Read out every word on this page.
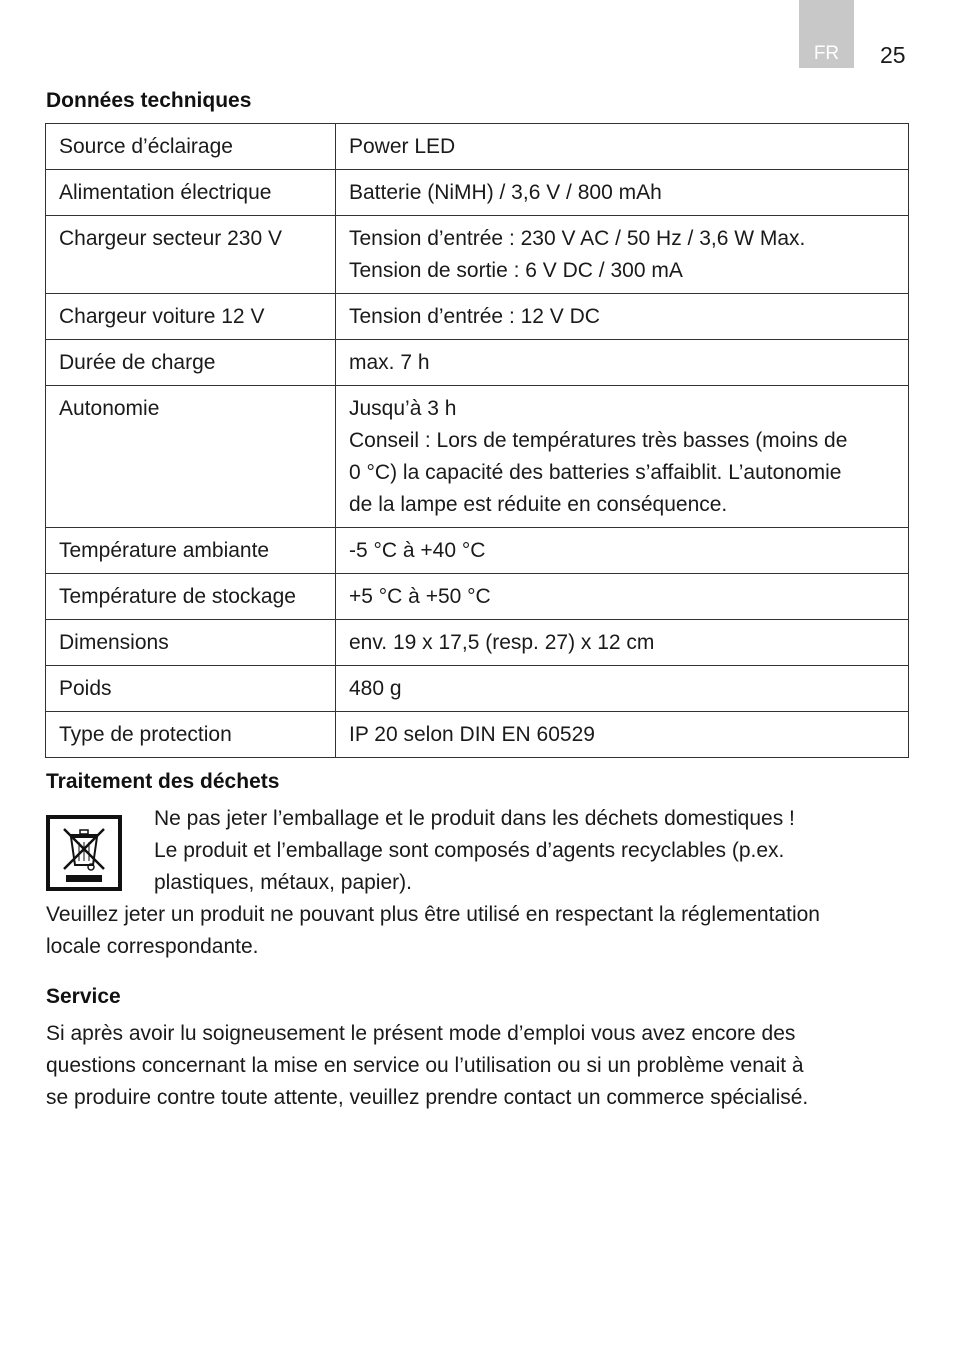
FR 25
Données techniques
Source d’éclairage	Power LED

Alimentation électrique	Batterie (NiMH) / 3,6 V / 800 mAh

Chargeur secteur 230 V	Tension d’entrée : 230 V AC / 50 Hz / 3,6 W Max.
Tension de sortie : 6 V DC / 300 mA

Chargeur voiture 12 V	Tension d’entrée : 12 V DC

Durée de charge	max. 7 h

Autonomie	Jusqu’à 3 h
Conseil : Lors de températures très basses (moins de
0 °C) la capacité des batteries s’affaiblit. L’autonomie
de la lampe est réduite en conséquence.

Température ambiante	-5 °C à +40 °C

Température de stockage	+5 °C à +50 °C

Dimensions	env. 19 x 17,5 (resp. 27) x 12 cm

Poids	480 g

Type de protection	IP 20 selon DIN EN 60529
Traitement des déchets
Ne pas jeter l’emballage et le produit dans les déchets domestiques !
Le produit et l’emballage sont composés d’agents recyclables (p.ex.
plastiques, métaux, papier).
Veuillez jeter un produit ne pouvant plus être utilisé en respectant la réglementation
locale correspondante.
Service
Si après avoir lu soigneusement le présent mode d’emploi vous avez encore des
questions concernant la mise en service ou l’utilisation ou si un problème venait à
se produire contre toute attente, veuillez prendre contact un commerce spécialisé.
